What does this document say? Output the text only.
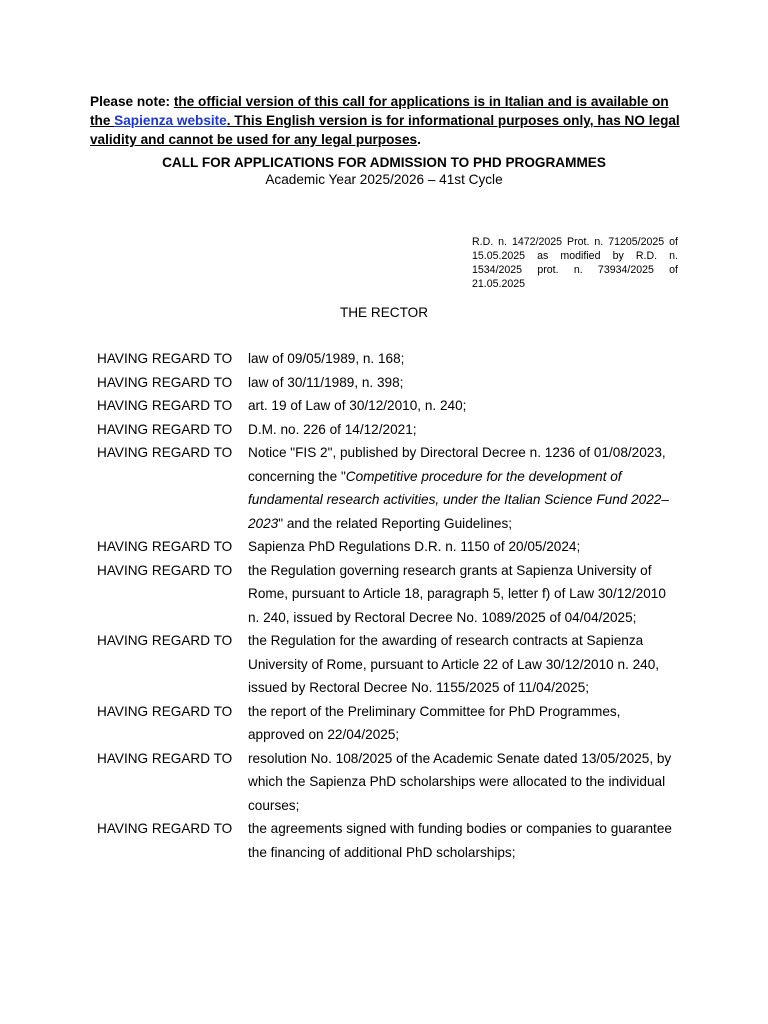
Please note: the official version of this call for applications is in Italian and is available on the Sapienza website. This English version is for informational purposes only, has NO legal validity and cannot be used for any legal purposes.
CALL FOR APPLICATIONS FOR ADMISSION TO PHD PROGRAMMES
Academic Year 2025/2026 – 41st Cycle
R.D. n. 1472/2025 Prot. n. 71205/2025 of 15.05.2025 as modified by R.D. n. 1534/2025 prot. n. 73934/2025 of 21.05.2025
THE RECTOR
HAVING REGARD TO	law of 09/05/1989, n. 168;
HAVING REGARD TO	law of 30/11/1989, n. 398;
HAVING REGARD TO	art. 19 of Law of 30/12/2010, n. 240;
HAVING REGARD TO	D.M. no. 226 of 14/12/2021;
HAVING REGARD TO	Notice "FIS 2", published by Directoral Decree n. 1236 of 01/08/2023, concerning the "Competitive procedure for the development of fundamental research activities, under the Italian Science Fund 2022–2023" and the related Reporting Guidelines;
HAVING REGARD TO	Sapienza PhD Regulations D.R. n. 1150 of 20/05/2024;
HAVING REGARD TO	the Regulation governing research grants at Sapienza University of Rome, pursuant to Article 18, paragraph 5, letter f) of Law 30/12/2010 n. 240, issued by Rectoral Decree No. 1089/2025 of 04/04/2025;
HAVING REGARD TO	the Regulation for the awarding of research contracts at Sapienza University of Rome, pursuant to Article 22 of Law 30/12/2010 n. 240, issued by Rectoral Decree No. 1155/2025 of 11/04/2025;
HAVING REGARD TO	the report of the Preliminary Committee for PhD Programmes, approved on 22/04/2025;
HAVING REGARD TO	resolution No. 108/2025 of the Academic Senate dated 13/05/2025, by which the Sapienza PhD scholarships were allocated to the individual courses;
HAVING REGARD TO	the agreements signed with funding bodies or companies to guarantee the financing of additional PhD scholarships;
